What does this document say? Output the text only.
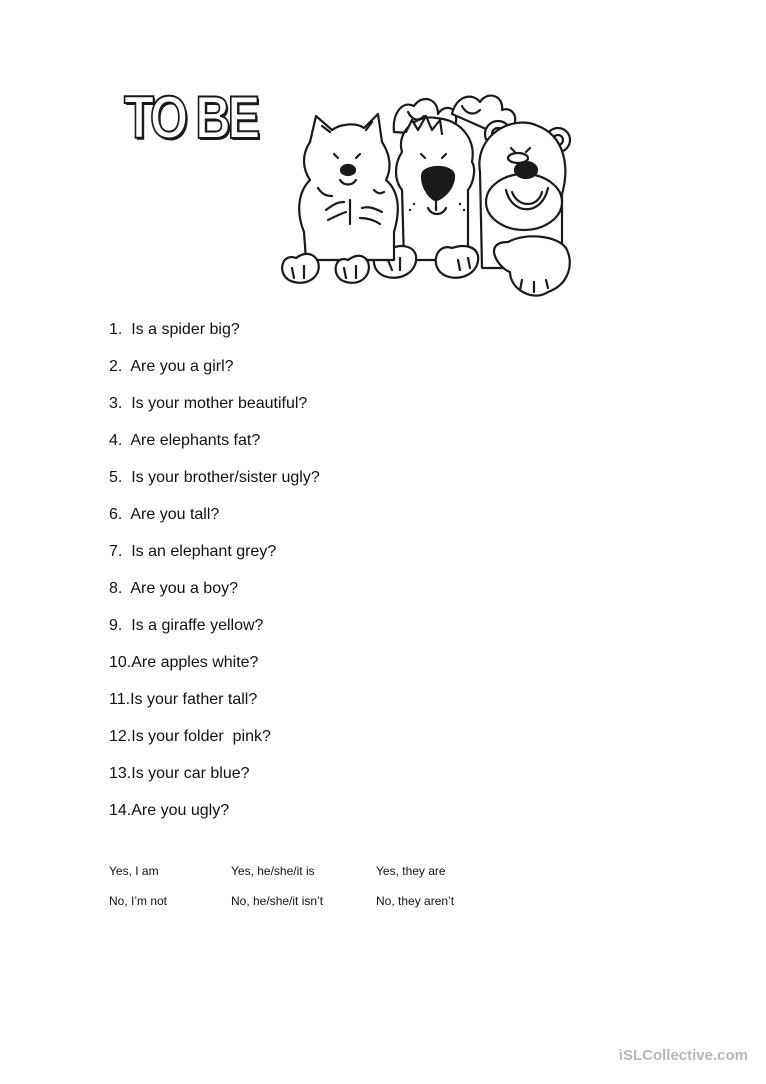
TO BE
1. Is a spider big?
2. Are you a girl?
3. Is your mother beautiful?
4. Are elephants fat?
5. Is your brother/sister ugly?
6. Are you tall?
7. Is an elephant grey?
8. Are you a boy?
9. Is a giraffe yellow?
10.Are apples white?
11.Is your father tall?
12.Is your folder  pink?
13.Is your car blue?
14.Are you ugly?
Yes, I am	Yes, he/she/it is	Yes, they are
No, I’m not	No, he/she/it isn’t	No, they aren’t
iSLCollective.com
